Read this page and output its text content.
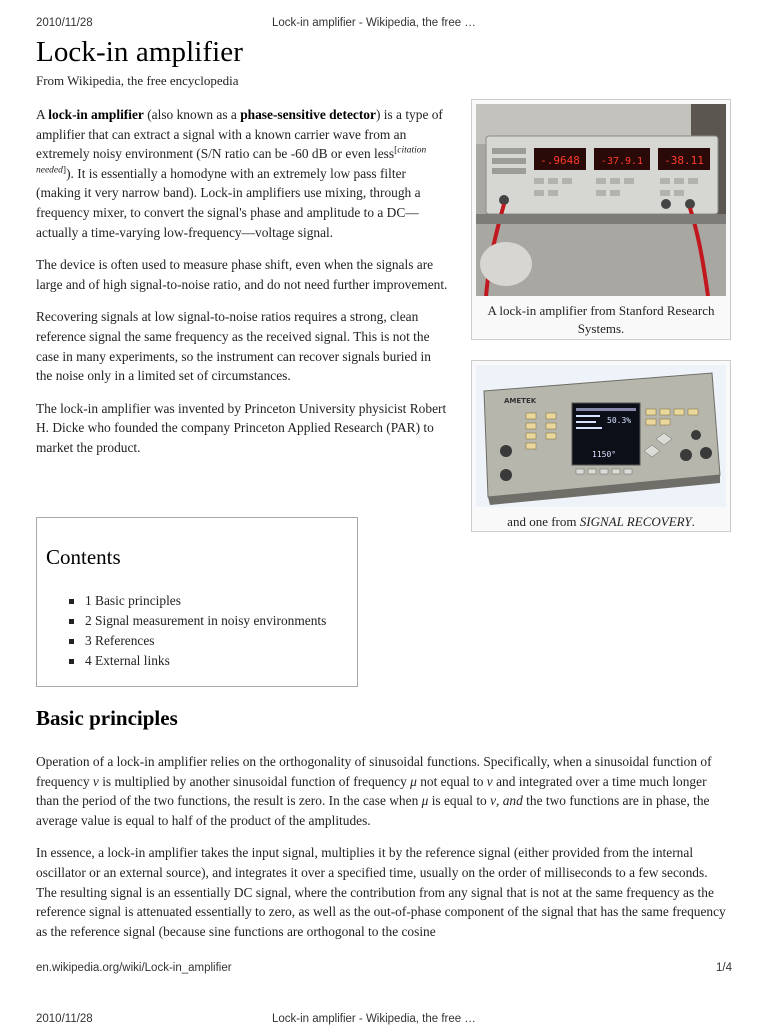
2010/11/28	Lock-in amplifier - Wikipedia, the free …
Lock-in amplifier
From Wikipedia, the free encyclopedia

A lock-in amplifier (also known as a phase-sensitive detector) is a type of amplifier that can extract a signal with a known carrier wave from an extremely noisy environment (S/N ratio can be -60 dB or even less[citation needed]). It is essentially a homodyne with an extremely low pass filter (making it very narrow band). Lock-in amplifiers use mixing, through a frequency mixer, to convert the signal's phase and amplitude to a DC—actually a time-varying low-frequency—voltage signal.

The device is often used to measure phase shift, even when the signals are large and of high signal-to-noise ratio, and do not need further improvement.

Recovering signals at low signal-to-noise ratios requires a strong, clean reference signal the same frequency as the received signal. This is not the case in many experiments, so the instrument can recover signals buried in the noise only in a limited set of circumstances.

The lock-in amplifier was invented by Princeton University physicist Robert H. Dicke who founded the company Princeton Applied Research (PAR) to market the product.

-.9648 -37.9.1 -38.11
A lock-in amplifier from Stanford Research Systems.
AMETEK
50.3%
1150°
and one from SIGNAL RECOVERY.
Contents
1 Basic principles
2 Signal measurement in noisy environments
3 References
4 External links
Basic principles

Operation of a lock-in amplifier relies on the orthogonality of sinusoidal functions. Specifically, when a sinusoidal function of frequency ν is multiplied by another sinusoidal function of frequency μ not equal to ν and integrated over a time much longer than the period of the two functions, the result is zero. In the case when μ is equal to ν, and the two functions are in phase, the average value is equal to half of the product of the amplitudes.

In essence, a lock-in amplifier takes the input signal, multiplies it by the reference signal (either provided from the internal oscillator or an external source), and integrates it over a specified time, usually on the order of milliseconds to a few seconds. The resulting signal is an essentially DC signal, where the contribution from any signal that is not at the same frequency as the reference signal is attenuated essentially to zero, as well as the out-of-phase component of the signal that has the same frequency as the reference signal (because sine functions are orthogonal to the cosine

en.wikipedia.org/wiki/Lock-in_amplifier	1/4
2010/11/28	Lock-in amplifier - Wikipedia, the free …
